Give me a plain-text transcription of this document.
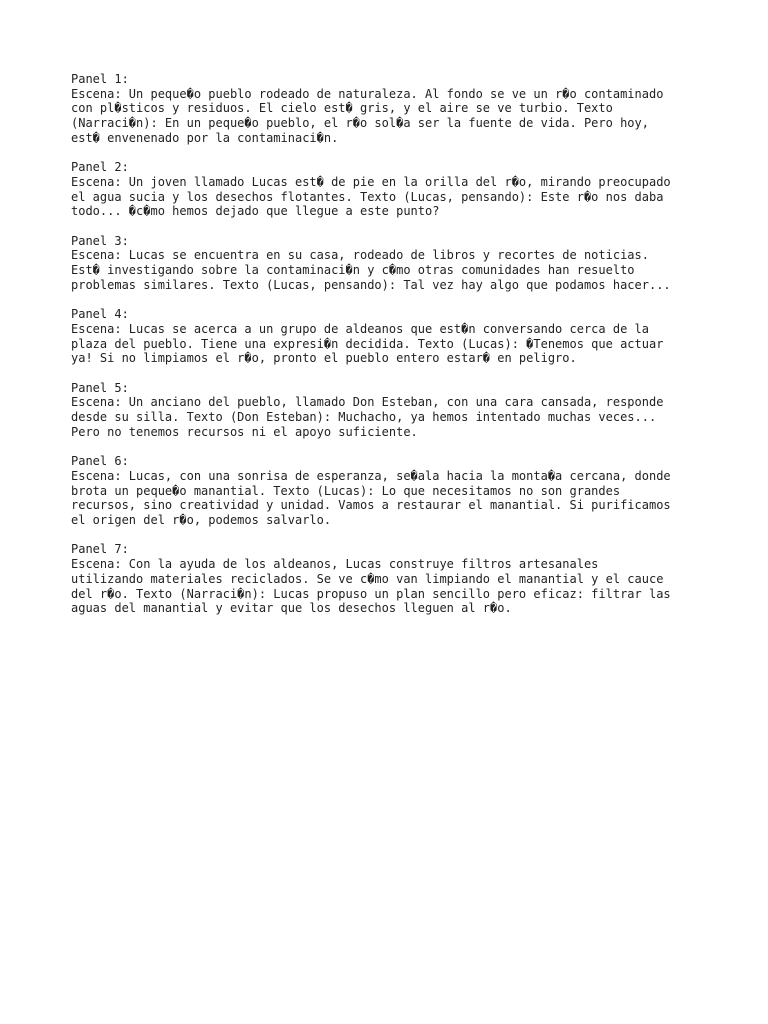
Panel 1:
Escena: Un peque�o pueblo rodeado de naturaleza. Al fondo se ve un r�o contaminado
con pl�sticos y residuos. El cielo est� gris, y el aire se ve turbio. Texto
(Narraci�n): En un peque�o pueblo, el r�o sol�a ser la fuente de vida. Pero hoy,
est� envenenado por la contaminaci�n.
Panel 2:
Escena: Un joven llamado Lucas est� de pie en la orilla del r�o, mirando preocupado
el agua sucia y los desechos flotantes. Texto (Lucas, pensando): Este r�o nos daba
todo... �c�mo hemos dejado que llegue a este punto?
Panel 3:
Escena: Lucas se encuentra en su casa, rodeado de libros y recortes de noticias.
Est� investigando sobre la contaminaci�n y c�mo otras comunidades han resuelto
problemas similares. Texto (Lucas, pensando): Tal vez hay algo que podamos hacer...
Panel 4:
Escena: Lucas se acerca a un grupo de aldeanos que est�n conversando cerca de la
plaza del pueblo. Tiene una expresi�n decidida. Texto (Lucas): �Tenemos que actuar
ya! Si no limpiamos el r�o, pronto el pueblo entero estar� en peligro.
Panel 5:
Escena: Un anciano del pueblo, llamado Don Esteban, con una cara cansada, responde
desde su silla. Texto (Don Esteban): Muchacho, ya hemos intentado muchas veces...
Pero no tenemos recursos ni el apoyo suficiente.
Panel 6:
Escena: Lucas, con una sonrisa de esperanza, se�ala hacia la monta�a cercana, donde
brota un peque�o manantial. Texto (Lucas): Lo que necesitamos no son grandes
recursos, sino creatividad y unidad. Vamos a restaurar el manantial. Si purificamos
el origen del r�o, podemos salvarlo.
Panel 7:
Escena: Con la ayuda de los aldeanos, Lucas construye filtros artesanales
utilizando materiales reciclados. Se ve c�mo van limpiando el manantial y el cauce
del r�o. Texto (Narraci�n): Lucas propuso un plan sencillo pero eficaz: filtrar las
aguas del manantial y evitar que los desechos lleguen al r�o.
